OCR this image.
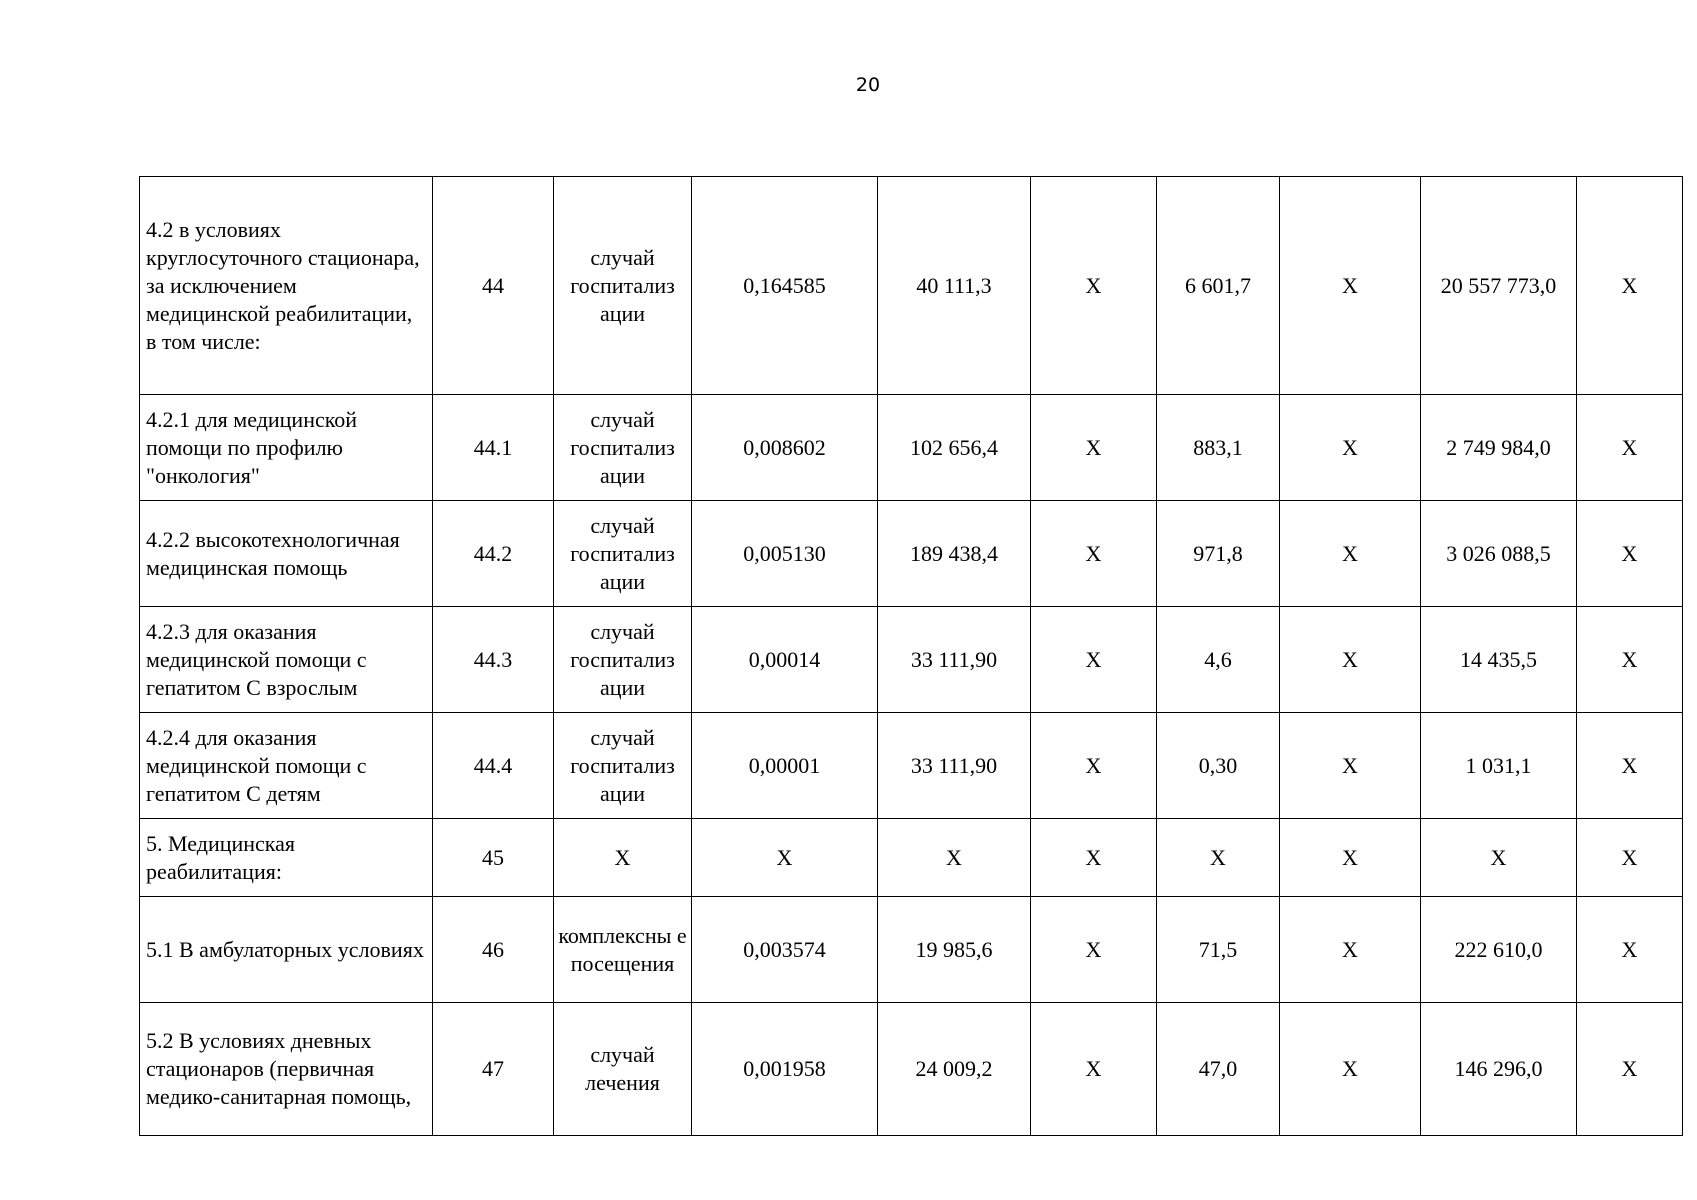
20
4.2 в условиях круглосуточного стационара, за исключением медицинской реабилитации, в том числе:	44	случай госпитализ ации	0,164585	40 111,3	Х	6 601,7	Х	20 557 773,0	Х
4.2.1 для медицинской помощи по профилю "онкология"	44.1	случай госпитализ ации	0,008602	102 656,4	Х	883,1	Х	2 749 984,0	Х
4.2.2 высокотехнологичная медицинская помощь	44.2	случай госпитализ ации	0,005130	189 438,4	Х	971,8	Х	3 026 088,5	Х
4.2.3 для оказания медицинской помощи с гепатитом С взрослым	44.3	случай госпитализ ации	0,00014	33 111,90	Х	4,6	Х	14 435,5	Х
4.2.4 для оказания медицинской помощи с гепатитом С детям	44.4	случай госпитализ ации	0,00001	33 111,90	Х	0,30	Х	1 031,1	Х
5. Медицинская реабилитация:	45	Х	Х	Х	Х	Х	Х	Х	Х
5.1 В амбулаторных условиях	46	комплексны е посещения	0,003574	19 985,6	Х	71,5	Х	222 610,0	Х
5.2 В условиях дневных стационаров (первичная медико-санитарная помощь,	47	случай лечения	0,001958	24 009,2	Х	47,0	Х	146 296,0	Х
